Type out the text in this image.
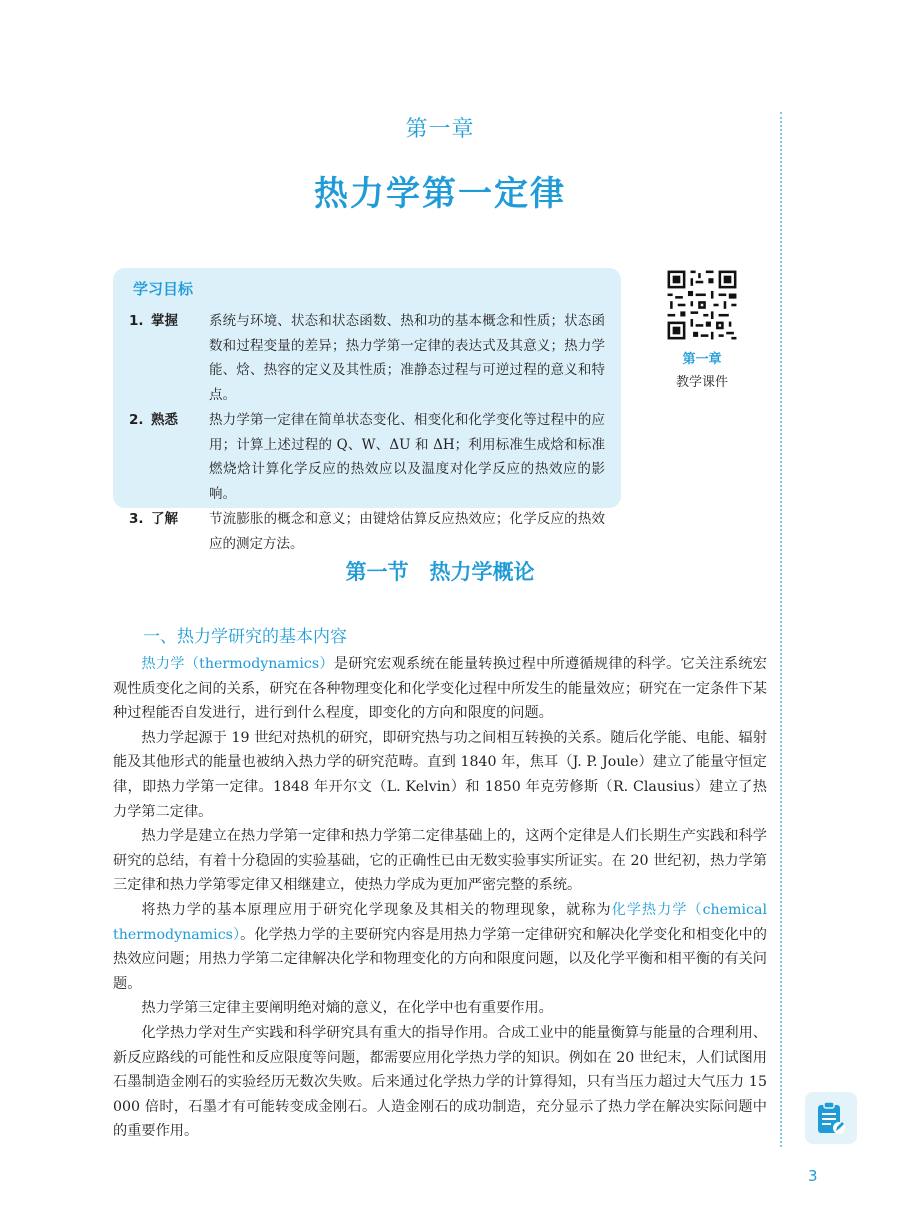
第一章
热力学第一定律
学习目标
1. 掌握	系统与环境、状态和状态函数、热和功的基本概念和性质；状态函数和过程变量的差异；热力学第一定律的表达式及其意义；热力学能、焓、热容的定义及其性质；准静态过程与可逆过程的意义和特点。
2. 熟悉	热力学第一定律在简单状态变化、相变化和化学变化等过程中的应用；计算上述过程的 Q、W、ΔU 和 ΔH；利用标准生成焓和标准燃烧焓计算化学反应的热效应以及温度对化学反应的热效应的影响。
3. 了解	节流膨胀的概念和意义；由键焓估算反应热效应；化学反应的热效应的测定方法。
第一章
教学课件
第一节　热力学概论
一、热力学研究的基本内容

热力学（thermodynamics）是研究宏观系统在能量转换过程中所遵循规律的科学。它关注系统宏观性质变化之间的关系，研究在各种物理变化和化学变化过程中所发生的能量效应；研究在一定条件下某种过程能否自发进行，进行到什么程度，即变化的方向和限度的问题。

热力学起源于 19 世纪对热机的研究，即研究热与功之间相互转换的关系。随后化学能、电能、辐射能及其他形式的能量也被纳入热力学的研究范畴。直到 1840 年，焦耳（J. P. Joule）建立了能量守恒定律，即热力学第一定律。1848 年开尔文（L. Kelvin）和 1850 年克劳修斯（R. Clausius）建立了热力学第二定律。

热力学是建立在热力学第一定律和热力学第二定律基础上的，这两个定律是人们长期生产实践和科学研究的总结，有着十分稳固的实验基础，它的正确性已由无数实验事实所证实。在 20 世纪初，热力学第三定律和热力学第零定律又相继建立，使热力学成为更加严密完整的系统。

将热力学的基本原理应用于研究化学现象及其相关的物理现象，就称为化学热力学（chemical thermodynamics）。化学热力学的主要研究内容是用热力学第一定律研究和解决化学变化和相变化中的热效应问题；用热力学第二定律解决化学和物理变化的方向和限度问题，以及化学平衡和相平衡的有关问题。

热力学第三定律主要阐明绝对熵的意义，在化学中也有重要作用。

化学热力学对生产实践和科学研究具有重大的指导作用。合成工业中的能量衡算与能量的合理利用、新反应路线的可能性和反应限度等问题，都需要应用化学热力学的知识。例如在 20 世纪末，人们试图用石墨制造金刚石的实验经历无数次失败。后来通过化学热力学的计算得知，只有当压力超过大气压力 15 000 倍时，石墨才有可能转变成金刚石。人造金刚石的成功制造，充分显示了热力学在解决实际问题中的重要作用。

3
